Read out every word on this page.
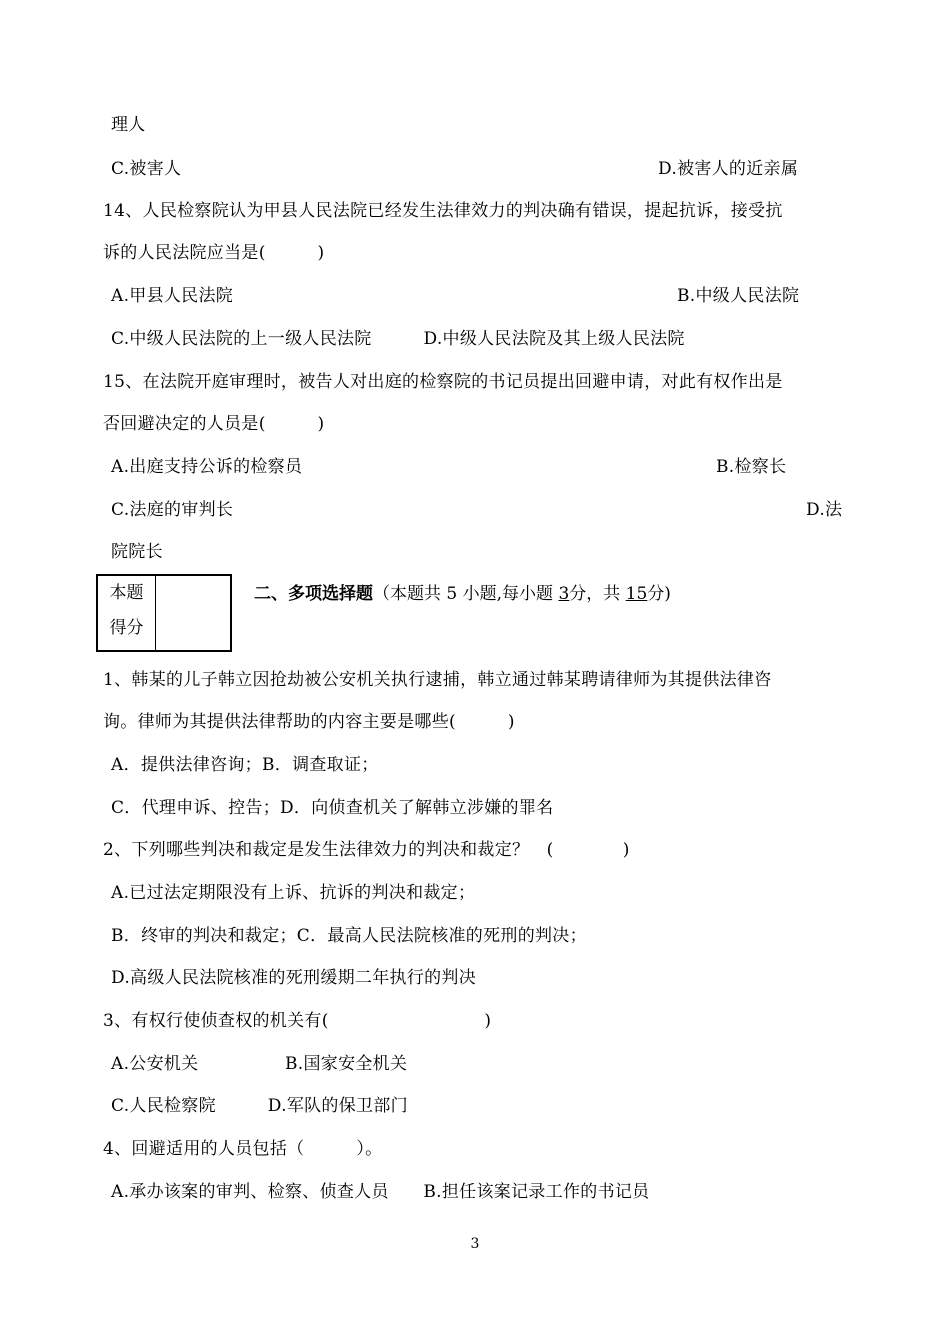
理人
C.被害人	D.被害人的近亲属
14、人民检察院认为甲县人民法院已经发生法律效力的判决确有错误，提起抗诉，接受抗
诉的人民法院应当是(　　　)
A.甲县人民法院	B.中级人民法院
C.中级人民法院的上一级人民法院　　　D.中级人民法院及其上级人民法院
15、在法院开庭审理时，被告人对出庭的检察院的书记员提出回避申请，对此有权作出是
否回避决定的人员是(　　　)
A.出庭支持公诉的检察员	B.检察长
C.法庭的审判长	D.法
院院长
本题
得分
二、多项选择题（本题共 5 小题,每小题 3分，共 15分)
1、韩某的儿子韩立因抢劫被公安机关执行逮捕，韩立通过韩某聘请律师为其提供法律咨
询。律师为其提供法律帮助的内容主要是哪些(　　　)
A．提供法律咨询；B．调查取证；
C．代理申诉、控告；D．向侦查机关了解韩立涉嫌的罪名
2、下列哪些判决和裁定是发生法律效力的判决和裁定？　(　　　　)
A.已过法定期限没有上诉、抗诉的判决和裁定；
B．终审的判决和裁定；C．最高人民法院核准的死刑的判决；
D.高级人民法院核准的死刑缓期二年执行的判决
3、有权行使侦查权的机关有(　　　　　　　　　)
A.公安机关　　　　　B.国家安全机关
C.人民检察院　　　D.军队的保卫部门
4、回避适用的人员包括（　　　）。
A.承办该案的审判、检察、侦查人员　　B.担任该案记录工作的书记员
3
